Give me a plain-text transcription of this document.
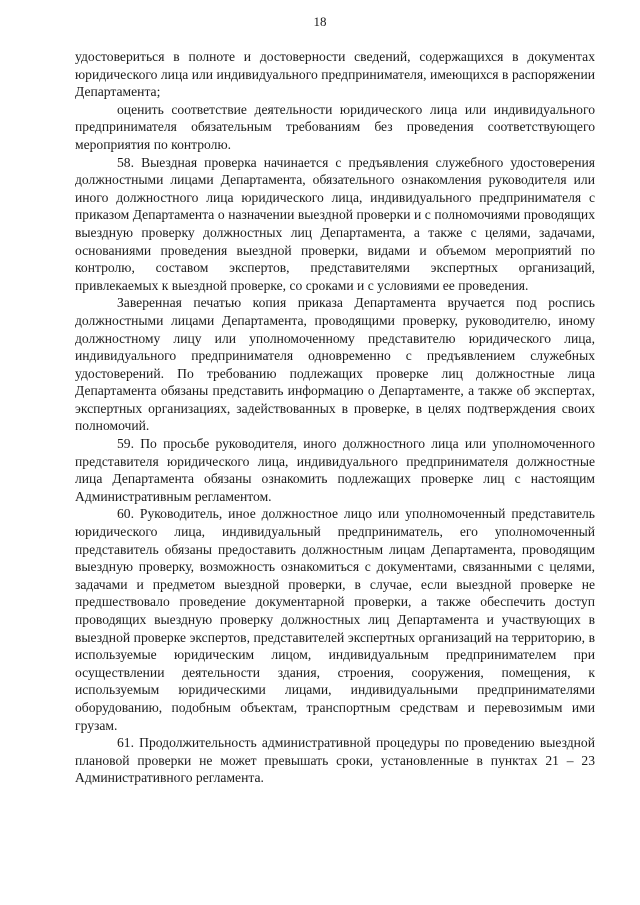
18

удостовериться в полноте и достоверности сведений, содержащихся в документах юридического лица или индивидуального предпринимателя, имеющихся в распоряжении Департамента;

оценить соответствие деятельности юридического лица или индивидуального предпринимателя обязательным требованиям без проведения соответствующего мероприятия по контролю.

58. Выездная проверка начинается с предъявления служебного удостоверения должностными лицами Департамента, обязательного ознакомления руководителя или иного должностного лица юридического лица, индивидуального предпринимателя с приказом Департамента о назначении выездной проверки и с полномочиями проводящих выездную проверку должностных лиц Департамента, а также с целями, задачами, основаниями проведения выездной проверки, видами и объемом мероприятий по контролю, составом экспертов, представителями экспертных организаций, привлекаемых к выездной проверке, со сроками и с условиями ее проведения.

Заверенная печатью копия приказа Департамента вручается под роспись должностными лицами Департамента, проводящими проверку, руководителю, иному должностному лицу или уполномоченному представителю юридического лица, индивидуального предпринимателя одновременно с предъявлением служебных удостоверений. По требованию подлежащих проверке лиц должностные лица Департамента обязаны представить информацию о Департаменте, а также об экспертах, экспертных организациях, задействованных в проверке, в целях подтверждения своих полномочий.

59. По просьбе руководителя, иного должностного лица или уполномоченного представителя юридического лица, индивидуального предпринимателя должностные лица Департамента обязаны ознакомить подлежащих проверке лиц с настоящим Административным регламентом.

60. Руководитель, иное должностное лицо или уполномоченный представитель юридического лица, индивидуальный предприниматель, его уполномоченный представитель обязаны предоставить должностным лицам Департамента, проводящим выездную проверку, возможность ознакомиться с документами, связанными с целями, задачами и предметом выездной проверки, в случае, если выездной проверке не предшествовало проведение документарной проверки, а также обеспечить доступ проводящих выездную проверку должностных лиц Департамента и участвующих в выездной проверке экспертов, представителей экспертных организаций на территорию, в используемые юридическим лицом, индивидуальным предпринимателем при осуществлении деятельности здания, строения, сооружения, помещения, к используемым юридическими лицами, индивидуальными предпринимателями оборудованию, подобным объектам, транспортным средствам и перевозимым ими грузам.

61. Продолжительность административной процедуры по проведению выездной плановой проверки не может превышать сроки, установленные в пунктах 21 – 23 Административного регламента.
